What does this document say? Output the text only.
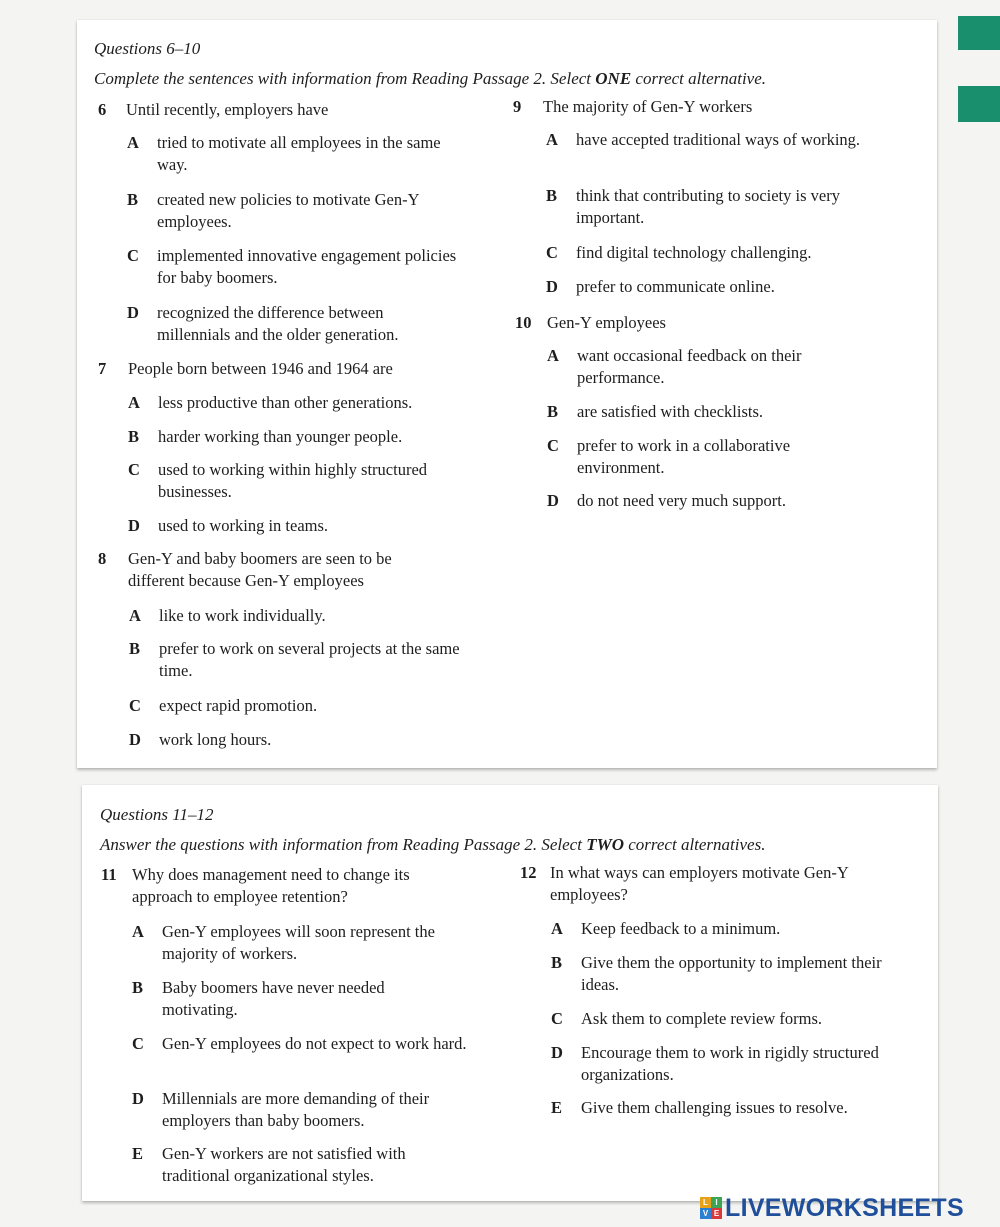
Questions 6–10
Complete the sentences with information from Reading Passage 2. Select ONE correct alternative.
6 Until recently, employers have
A tried to motivate all employees in the same way.
B created new policies to motivate Gen-Y employees.
C implemented innovative engagement policies for baby boomers.
D recognized the difference between millennials and the older generation.
7 People born between 1946 and 1964 are
A less productive than other generations.
B harder working than younger people.
C used to working within highly structured businesses.
D used to working in teams.
8 Gen-Y and baby boomers are seen to be different because Gen-Y employees
A like to work individually.
B prefer to work on several projects at the same time.
C expect rapid promotion.
D work long hours.
9 The majority of Gen-Y workers
A have accepted traditional ways of working.
B think that contributing to society is very important.
C find digital technology challenging.
D prefer to communicate online.
10 Gen-Y employees
A want occasional feedback on their performance.
B are satisfied with checklists.
C prefer to work in a collaborative environment.
D do not need very much support.
Questions 11–12
Answer the questions with information from Reading Passage 2. Select TWO correct alternatives.
11 Why does management need to change its approach to employee retention?
A Gen-Y employees will soon represent the majority of workers.
B Baby boomers have never needed motivating.
C Gen-Y employees do not expect to work hard.
D Millennials are more demanding of their employers than baby boomers.
E Gen-Y workers are not satisfied with traditional organizational styles.
12 In what ways can employers motivate Gen-Y employees?
A Keep feedback to a minimum.
B Give them the opportunity to implement their ideas.
C Ask them to complete review forms.
D Encourage them to work in rigidly structured organizations.
E Give them challenging issues to resolve.
L I
V E LIVEWORKSHEETS
